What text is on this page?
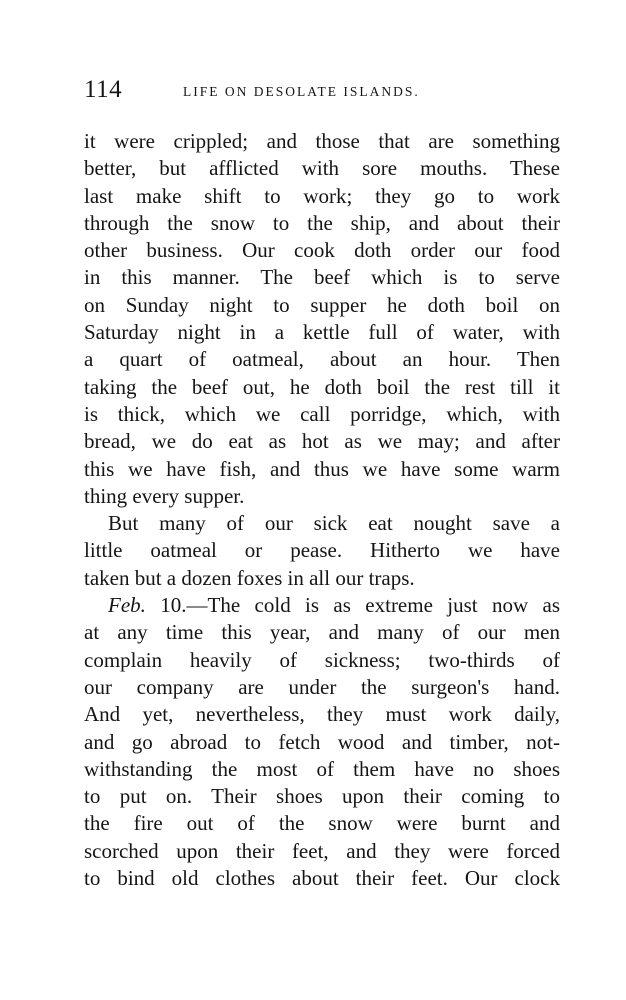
114	LIFE ON DESOLATE ISLANDS.
it were crippled; and those that are something
better, but afflicted with sore mouths. These
last make shift to work; they go to work
through the snow to the ship, and about their
other business. Our cook doth order our food
in this manner. The beef which is to serve
on Sunday night to supper he doth boil on
Saturday night in a kettle full of water, with
a quart of oatmeal, about an hour. Then
taking the beef out, he doth boil the rest till it
is thick, which we call porridge, which, with
bread, we do eat as hot as we may; and after
this we have fish, and thus we have some warm
thing every supper.
But many of our sick eat nought save a
little oatmeal or pease. Hitherto we have
taken but a dozen foxes in all our traps.
Feb. 10.—The cold is as extreme just now as
at any time this year, and many of our men
complain heavily of sickness; two-thirds of
our company are under the surgeon's hand.
And yet, nevertheless, they must work daily,
and go abroad to fetch wood and timber, not-
withstanding the most of them have no shoes
to put on. Their shoes upon their coming to
the fire out of the snow were burnt and
scorched upon their feet, and they were forced
to bind old clothes about their feet. Our clock
